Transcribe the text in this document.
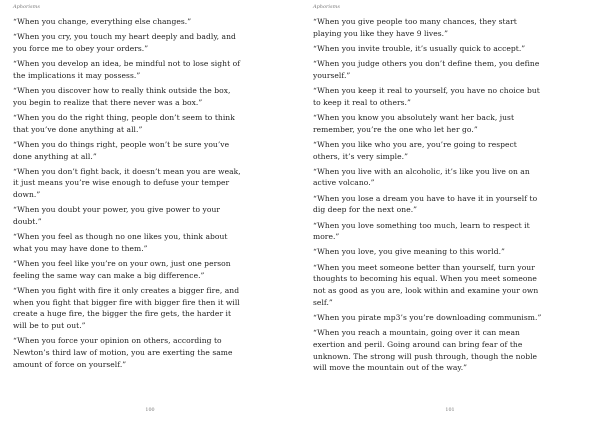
Aphorisms
“When you change, everything else changes.”
“When you cry, you touch my heart deeply and badly, and
you force me to obey your orders.”
“When you develop an idea, be mindful not to lose sight of
the implications it may possess.”
“When you discover how to really think outside the box,
you begin to realize that there never was a box.”
“When you do the right thing, people don’t seem to think
that you’ve done anything at all.”
“When you do things right, people won’t be sure you’ve
done anything at all.”
“When you don’t fight back, it doesn’t mean you are weak,
it just means you’re wise enough to defuse your temper
down.”
“When you doubt your power, you give power to your
doubt.”
“When you feel as though no one likes you, think about
what you may have done to them.”
“When you feel like you’re on your own, just one person
feeling the same way can make a big difference.”
“When you fight with fire it only creates a bigger fire, and
when you fight that bigger fire with bigger fire then it will
create a huge fire, the bigger the fire gets, the harder it
will be to put out.”
“When you force your opinion on others, according to
Newton’s third law of motion, you are exerting the same
amount of force on yourself.”
100
Aphorisms
“When you give people too many chances, they start
playing you like they have 9 lives.”
“When you invite trouble, it’s usually quick to accept.”
“When you judge others you don’t define them, you define
yourself.”
“When you keep it real to yourself, you have no choice but
to keep it real to others.”
“When you know you absolutely want her back, just
remember, you’re the one who let her go.”
“When you like who you are, you’re going to respect
others, it’s very simple.”
“When you live with an alcoholic, it’s like you live on an
active volcano.”
“When you lose a dream you have to have it in yourself to
dig deep for the next one.”
“When you love something too much, learn to respect it
more.”
“When you love, you give meaning to this world.”
“When you meet someone better than yourself, turn your
thoughts to becoming his equal. When you meet someone
not as good as you are, look within and examine your own
self.”
“When you pirate mp3’s you’re downloading communism.”
“When you reach a mountain, going over it can mean
exertion and peril. Going around can bring fear of the
unknown. The strong will push through, though the noble
will move the mountain out of the way.”
101
